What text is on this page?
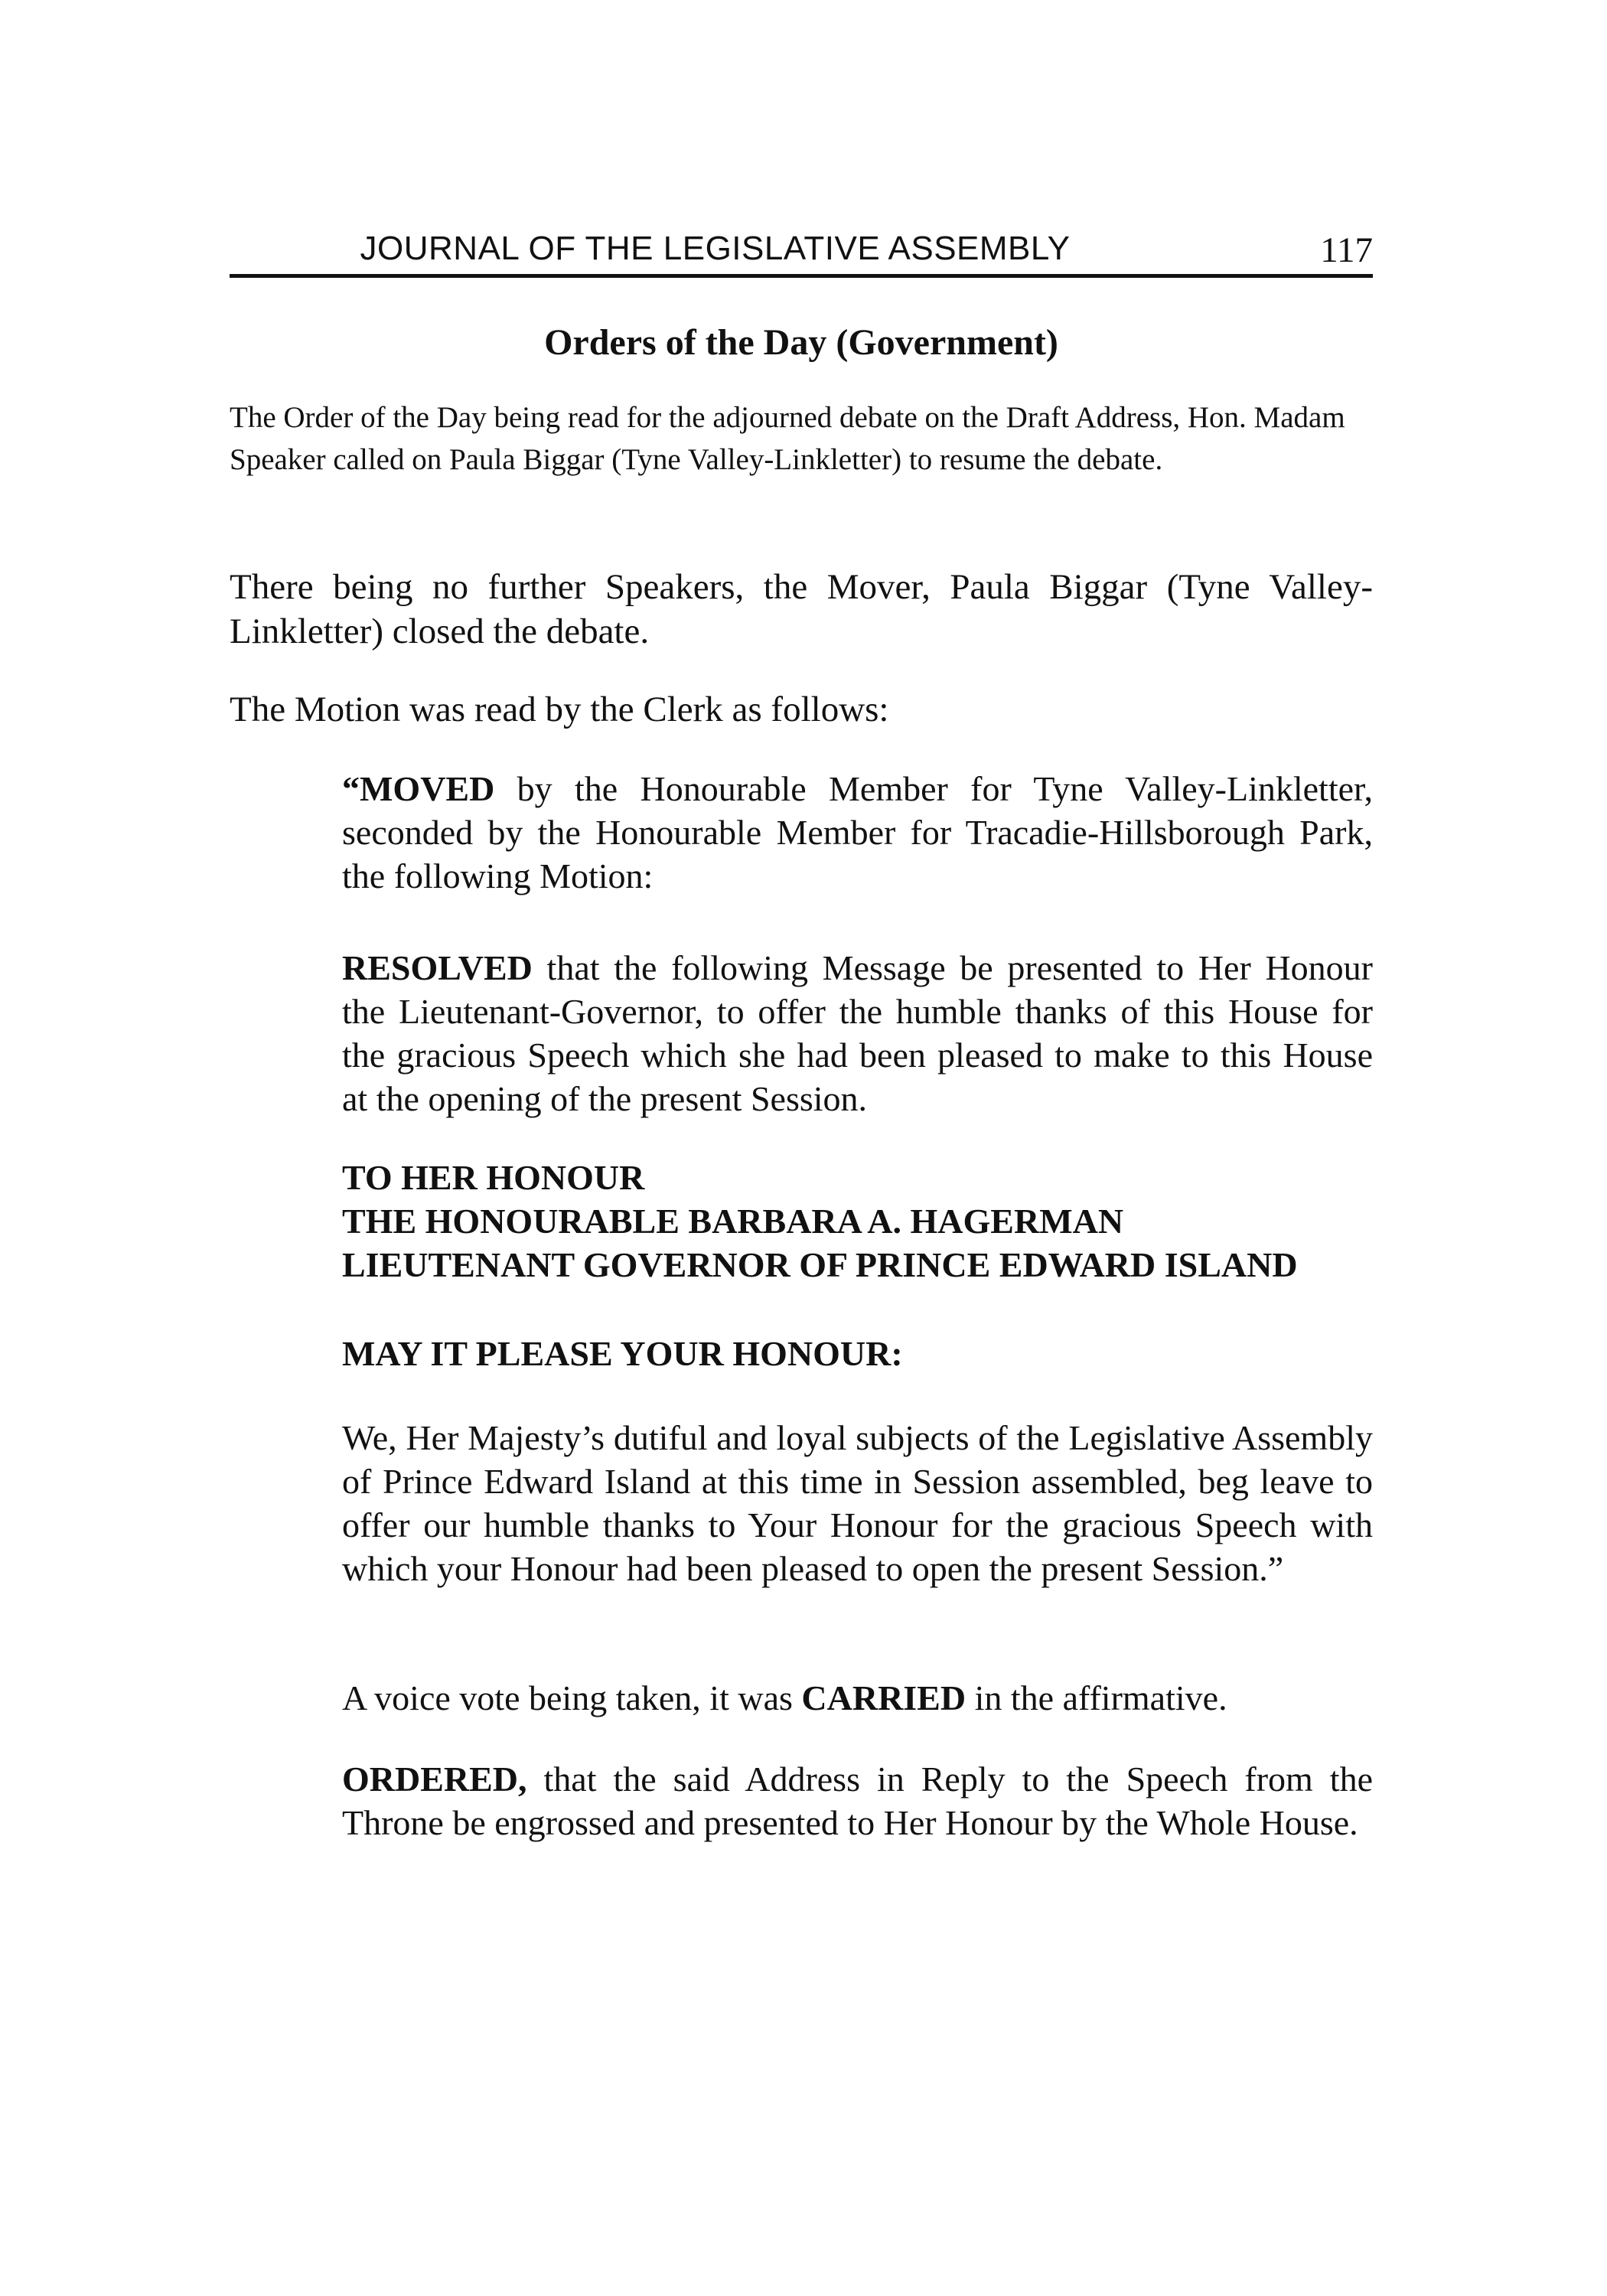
JOURNAL OF THE LEGISLATIVE ASSEMBLY	117
Orders of the Day (Government)

The Order of the Day being read for the adjourned debate on the Draft Address, Hon. Madam Speaker called on Paula Biggar (Tyne Valley-Linkletter) to resume the debate.

There being no further Speakers, the Mover, Paula Biggar (Tyne Valley-Linkletter) closed the debate.

The Motion was read by the Clerk as follows:

“MOVED by the Honourable Member for Tyne Valley-Linkletter, seconded by the Honourable Member for Tracadie-Hillsborough Park, the following Motion:

RESOLVED that the following Message be presented to Her Honour the Lieutenant-Governor, to offer the humble thanks of this House for the gracious Speech which she had been pleased to make to this House at the opening of the present Session.

TO HER HONOUR
THE HONOURABLE BARBARA A. HAGERMAN
LIEUTENANT GOVERNOR OF PRINCE EDWARD ISLAND

MAY IT PLEASE YOUR HONOUR:

We, Her Majesty’s dutiful and loyal subjects of the Legislative Assembly of Prince Edward Island at this time in Session assembled, beg leave to offer our humble thanks to Your Honour for the gracious Speech with which your Honour had been pleased to open the present Session.”

A voice vote being taken, it was CARRIED in the affirmative.

ORDERED, that the said Address in Reply to the Speech from the Throne be engrossed and presented to Her Honour by the Whole House.
